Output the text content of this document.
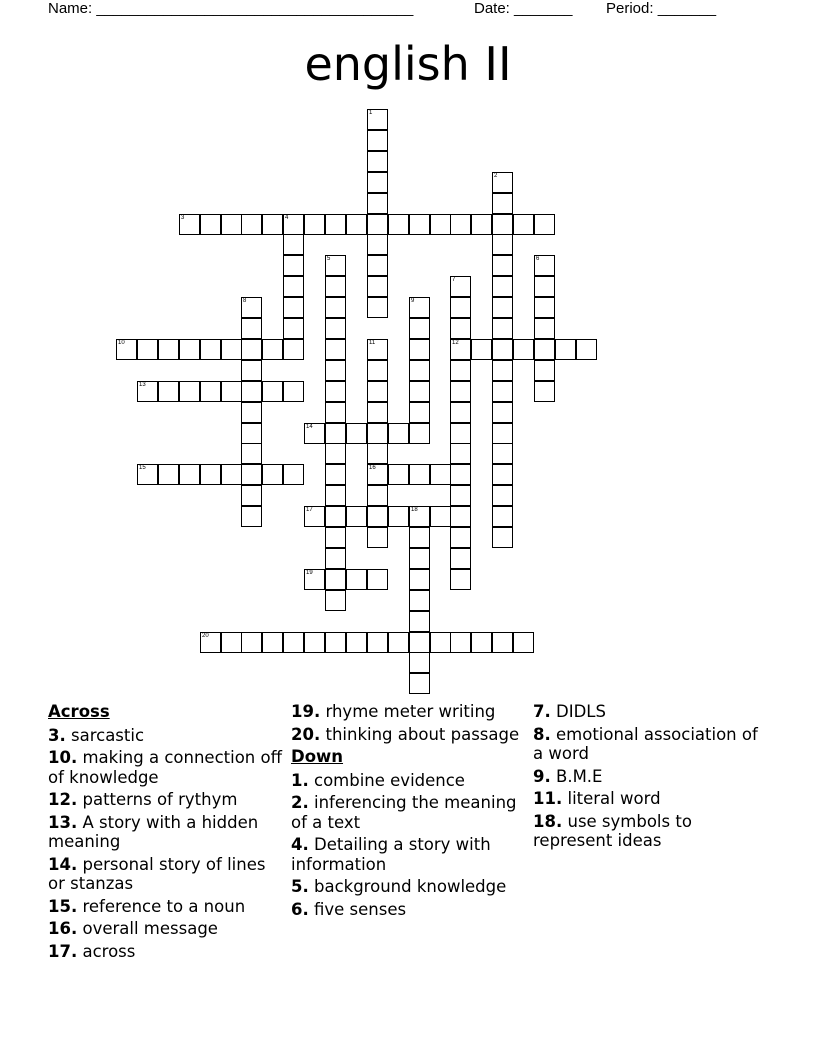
Name: ______________________________________	Date: _______ Period: _______
english II
1
2
3	4
5	6
7
12
8	9
10	11
16
13
14
15
17	18
19
20
Across
3. sarcastic
10. making a connection off of knowledge
12. patterns of rythym
13. A story with a hidden meaning
14. personal story of lines or stanzas
15. reference to a noun
16. overall message
17. across
19. rhyme meter writing
20. thinking about passage
Down
1. combine evidence
2. inferencing the meaning of a text
4. Detailing a story with information
5. background knowledge
6. five senses
7. DIDLS
8. emotional association of a word
9. B.M.E
11. literal word
18. use symbols to represent ideas
